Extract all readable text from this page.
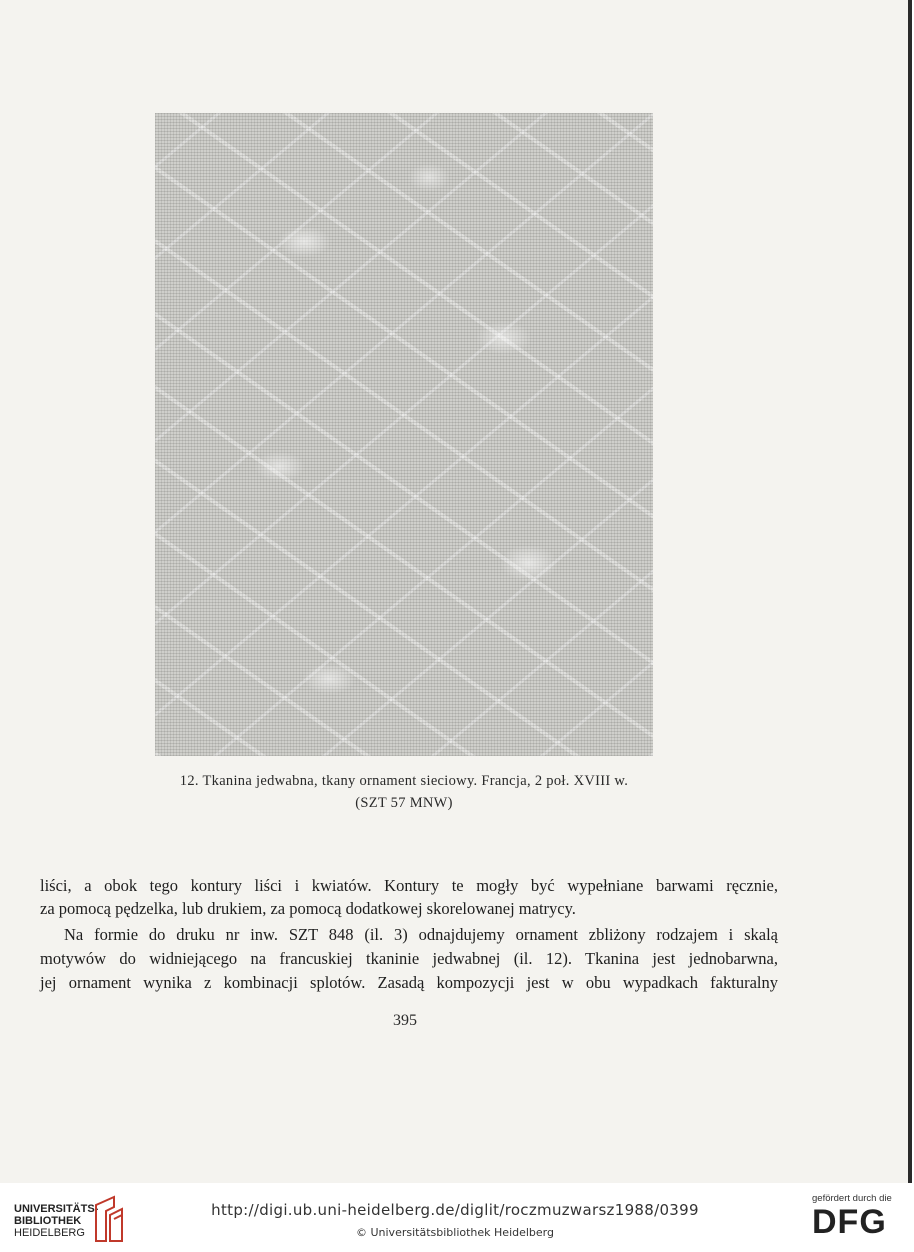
12. Tkanina jedwabna, tkany ornament sieciowy. Francja, 2 poł. XVIII w.
(SZT 57 MNW)
liści, a obok tego kontury liści i kwiatów. Kontury te mogły być wypełniane barwami ręcznie,
za pomocą pędzelka, lub drukiem, za pomocą dodatkowej skorelowanej matrycy.
Na formie do druku nr inw. SZT 848 (il. 3) odnajdujemy ornament zbliżony rodzajem i skalą
motywów do widniejącego na francuskiej tkaninie jedwabnej (il. 12). Tkanina jest jednobarwna,
jej ornament wynika z kombinacji splotów. Zasadą kompozycji jest w obu wypadkach fakturalny
395
UNIVERSITÄTS-
BIBLIOTHEK
HEIDELBERG
http://digi.ub.uni-heidelberg.de/diglit/roczmuzwarsz1988/0399
© Universitätsbibliothek Heidelberg
gefördert durch die
DFG
